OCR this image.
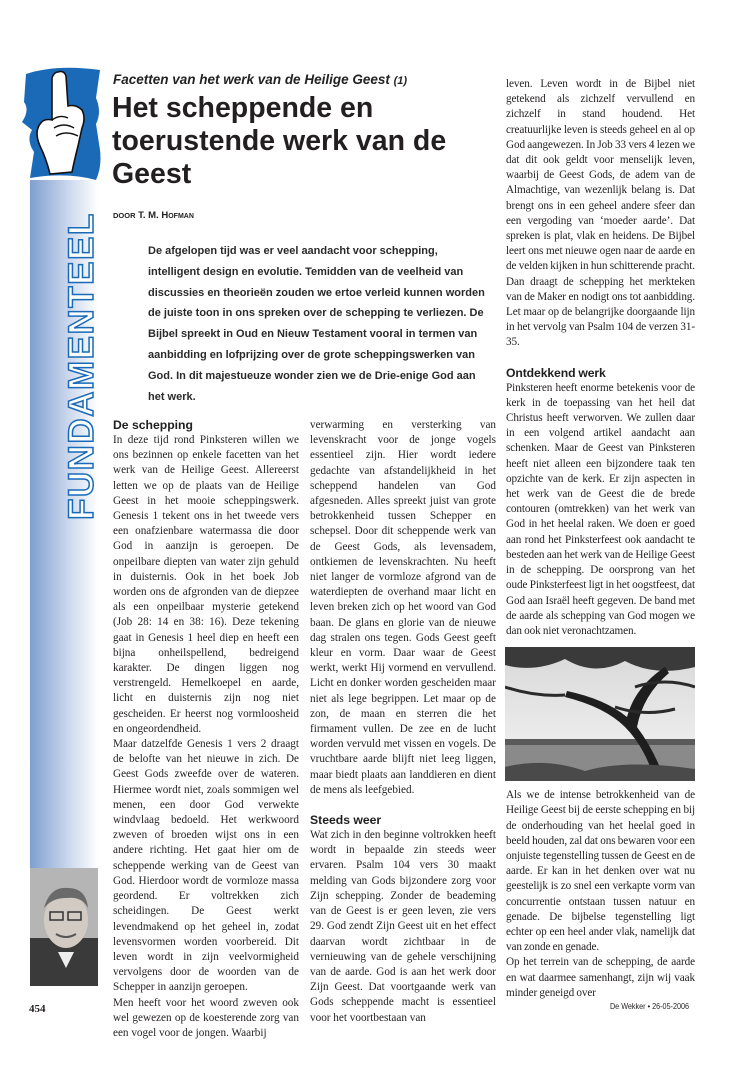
FUNDAMENTEEL
Facetten van het werk van de Heilige Geest (1)
Het scheppende en toerustende werk van de Geest
DOOR T. M. Hofman

De afgelopen tijd was er veel aandacht voor schepping, intelligent design en evolutie. Temidden van de veelheid van discussies en theorieën zouden we ertoe verleid kunnen worden de juiste toon in ons spreken over de schepping te verliezen. De Bijbel spreekt in Oud en Nieuw Testament vooral in termen van aanbidding en lofprijzing over de grote scheppingswerken van God. In dit majestueuze wonder zien we de Drie-enige God aan het werk.

De schepping

In deze tijd rond Pinksteren willen we ons bezinnen op enkele facetten van het werk van de Heilige Geest. Allereerst letten we op de plaats van de Heilige Geest in het mooie scheppingswerk. Genesis 1 tekent ons in het tweede vers een onafzienbare watermassa die door God in aanzijn is geroepen. De onpeilbare diepten van water zijn gehuld in duisternis. Ook in het boek Job worden ons de afgronden van de diepzee als een onpeilbaar mysterie getekend (Job 28: 14 en 38: 16). Deze tekening gaat in Genesis 1 heel diep en heeft een bijna onheilspellend, bedreigend karakter. De dingen liggen nog verstrengeld. Hemelkoepel en aarde, licht en duisternis zijn nog niet gescheiden. Er heerst nog vormloosheid en ongeordendheid.

Maar datzelfde Genesis 1 vers 2 draagt de belofte van het nieuwe in zich. De Geest Gods zweefde over de wateren. Hiermee wordt niet, zoals sommigen wel menen, een door God verwekte windvlaag bedoeld. Het werkwoord zweven of broeden wijst ons in een andere richting. Het gaat hier om de scheppende werking van de Geest van God. Hierdoor wordt de vormloze massa geordend. Er voltrekken zich scheidingen. De Geest werkt levendmakend op het geheel in, zodat levensvormen worden voorbereid. Dit leven wordt in zijn veelvormigheid vervolgens door de woorden van de Schepper in aanzijn geroepen.

Men heeft voor het woord zweven ook wel gewezen op de koesterende zorg van een vogel voor de jongen. Waarbij

verwarming en versterking van levenskracht voor de jonge vogels essentieel zijn. Hier wordt iedere gedachte van afstandelijkheid in het scheppend handelen van God afgesneden. Alles spreekt juist van grote betrokkenheid tussen Schepper en schepsel. Door dit scheppende werk van de Geest Gods, als levensadem, ontkiemen de levenskrachten. Nu heeft niet langer de vormloze afgrond van de waterdiepten de overhand maar licht en leven breken zich op het woord van God baan. De glans en glorie van de nieuwe dag stralen ons tegen. Gods Geest geeft kleur en vorm. Daar waar de Geest werkt, werkt Hij vormend en vervullend. Licht en donker worden gescheiden maar niet als lege begrippen. Let maar op de zon, de maan en sterren die het firmament vullen. De zee en de lucht worden vervuld met vissen en vogels. De vruchtbare aarde blijft niet leeg liggen, maar biedt plaats aan landdieren en dient de mens als leefgebied.

Steeds weer

Wat zich in den beginne voltrokken heeft wordt in bepaalde zin steeds weer ervaren. Psalm 104 vers 30 maakt melding van Gods bijzondere zorg voor Zijn schepping. Zonder de beademing van de Geest is er geen leven, zie vers 29. God zendt Zijn Geest uit en het effect daarvan wordt zichtbaar in de vernieuwing van de gehele verschijning van de aarde. God is aan het werk door Zijn Geest. Dat voortgaande werk van Gods scheppende macht is essentieel voor het voortbestaan van

leven. Leven wordt in de Bijbel niet getekend als zichzelf vervullend en zichzelf in stand houdend. Het creatuurlijke leven is steeds geheel en al op God aangewezen. In Job 33 vers 4 lezen we dat dit ook geldt voor menselijk leven, waarbij de Geest Gods, de adem van de Almachtige, van wezenlijk belang is. Dat brengt ons in een geheel andere sfeer dan een vergoding van ‘moeder aarde’. Dat spreken is plat, vlak en heidens. De Bijbel leert ons met nieuwe ogen naar de aarde en de velden kijken in hun schitterende pracht. Dan draagt de schepping het merkteken van de Maker en nodigt ons tot aanbidding. Let maar op de belangrijke doorgaande lijn in het vervolg van Psalm 104 de verzen 31-35.

Ontdekkend werk

Pinksteren heeft enorme betekenis voor de kerk in de toepassing van het heil dat Christus heeft verworven. We zullen daar in een volgend artikel aandacht aan schenken. Maar de Geest van Pinksteren heeft niet alleen een bijzondere taak ten opzichte van de kerk. Er zijn aspecten in het werk van de Geest die de brede contouren (omtrekken) van het werk van God in het heelal raken. We doen er goed aan rond het Pinksterfeest ook aandacht te besteden aan het werk van de Heilige Geest in de schepping. De oorsprong van het oude Pinksterfeest ligt in het oogstfeest, dat God aan Israël heeft gegeven. De band met de aarde als schepping van God mogen we dan ook niet veronachtzamen.

Als we de intense betrokkenheid van de Heilige Geest bij de eerste schepping en bij de onderhouding van het heelal goed in beeld houden, zal dat ons bewaren voor een onjuiste tegenstelling tussen de Geest en de aarde. Er kan in het denken over wat nu geestelijk is zo snel een verkapte vorm van concurrentie ontstaan tussen natuur en genade. De bijbelse tegenstelling ligt echter op een heel ander vlak, namelijk dat van zonde en genade.

Op het terrein van de schepping, de aarde en wat daarmee samenhangt, zijn wij vaak minder geneigd over

454	De Wekker • 26-05-2006
